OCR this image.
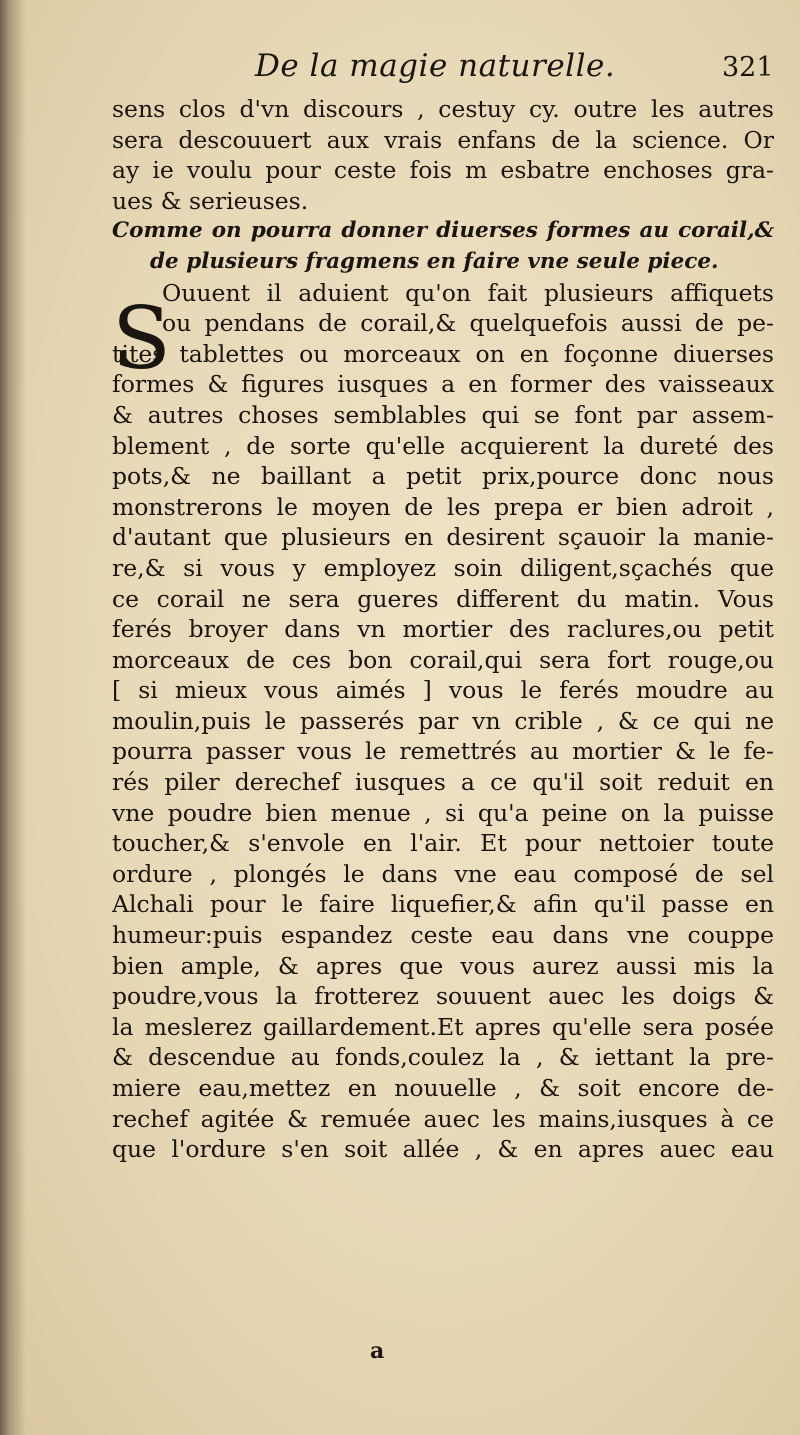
De la magie naturelle.	321
S
sens clos d'vn discours , cestuy cy. outre les autres
sera descouuert aux vrais enfans de la science. Or
ay ie voulu pour ceste fois m esbatre enchoses gra-
ues & serieuses.
Comme on pourra donner diuerses formes au corail,&
de plusieurs fragmens en faire vne seule piece.
Ouuent il aduient qu'on fait plusieurs affiquets
ou pendans de corail,& quelquefois aussi de pe-
tites tablettes ou morceaux on en foçonne diuerses
formes & figures iusques a en former des vaisseaux
& autres choses semblables qui se font par assem-
blement , de sorte qu'elle acquierent la dureté des
pots,& ne baillant a petit prix,pource donc nous
monstrerons le moyen de les prepa er bien adroit ,
d'autant que plusieurs en desirent sçauoir la manie-
re,& si vous y employez soin diligent,sçachés que
ce corail ne sera gueres different du matin. Vous
ferés broyer dans vn mortier des raclures,ou petit
morceaux de ces bon corail,qui sera fort rouge,ou
[ si mieux vous aimés ] vous le ferés moudre au
moulin,puis le passerés par vn crible , & ce qui ne
pourra passer vous le remettrés au mortier & le fe-
rés piler derechef iusques a ce qu'il soit reduit en
vne poudre bien menue , si qu'a peine on la puisse
toucher,& s'envole en l'air. Et pour nettoier toute
ordure , plongés le dans vne eau composé de sel
Alchali pour le faire liquefier,& afin qu'il passe en
humeur:puis espandez ceste eau dans vne couppe
bien ample, & apres que vous aurez aussi mis la
poudre,vous la frotterez souuent auec les doigs &
la meslerez gaillardement.Et apres qu'elle sera posée
& descendue au fonds,coulez la , & iettant la pre-
miere eau,mettez en nouuelle , & soit encore de-
rechef agitée & remuée auec les mains,iusques à ce
que l'ordure s'en soit allée , & en apres auec eau
a
